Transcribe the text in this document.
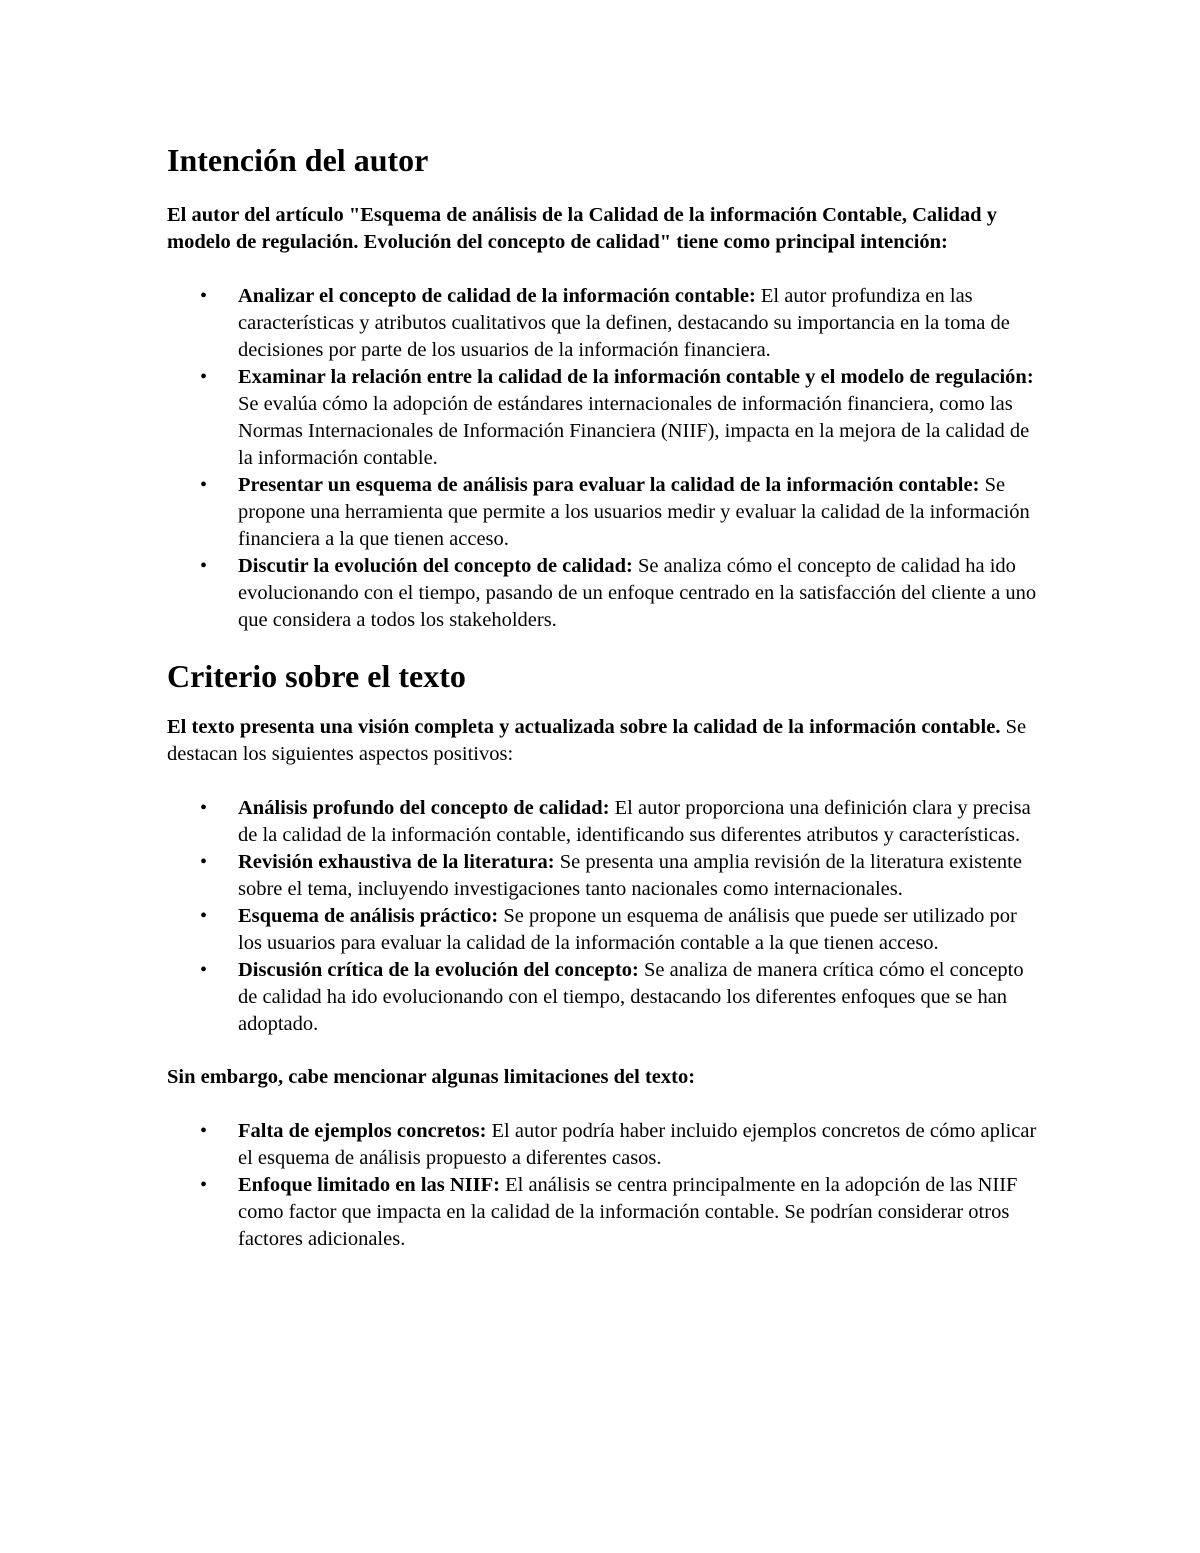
Intención del autor

El autor del artículo "Esquema de análisis de la Calidad de la información Contable, Calidad y modelo de regulación. Evolución del concepto de calidad" tiene como principal intención:

• Analizar el concepto de calidad de la información contable: El autor profundiza en las características y atributos cualitativos que la definen, destacando su importancia en la toma de decisiones por parte de los usuarios de la información financiera.
• Examinar la relación entre la calidad de la información contable y el modelo de regulación: Se evalúa cómo la adopción de estándares internacionales de información financiera, como las Normas Internacionales de Información Financiera (NIIF), impacta en la mejora de la calidad de la información contable.
• Presentar un esquema de análisis para evaluar la calidad de la información contable: Se propone una herramienta que permite a los usuarios medir y evaluar la calidad de la información financiera a la que tienen acceso.
• Discutir la evolución del concepto de calidad: Se analiza cómo el concepto de calidad ha ido evolucionando con el tiempo, pasando de un enfoque centrado en la satisfacción del cliente a uno que considera a todos los stakeholders.
Criterio sobre el texto

El texto presenta una visión completa y actualizada sobre la calidad de la información contable. Se destacan los siguientes aspectos positivos:

• Análisis profundo del concepto de calidad: El autor proporciona una definición clara y precisa de la calidad de la información contable, identificando sus diferentes atributos y características.
• Revisión exhaustiva de la literatura: Se presenta una amplia revisión de la literatura existente sobre el tema, incluyendo investigaciones tanto nacionales como internacionales.
• Esquema de análisis práctico: Se propone un esquema de análisis que puede ser utilizado por los usuarios para evaluar la calidad de la información contable a la que tienen acceso.
• Discusión crítica de la evolución del concepto: Se analiza de manera crítica cómo el concepto de calidad ha ido evolucionando con el tiempo, destacando los diferentes enfoques que se han adoptado.

Sin embargo, cabe mencionar algunas limitaciones del texto:

• Falta de ejemplos concretos: El autor podría haber incluido ejemplos concretos de cómo aplicar el esquema de análisis propuesto a diferentes casos.
• Enfoque limitado en las NIIF: El análisis se centra principalmente en la adopción de las NIIF como factor que impacta en la calidad de la información contable. Se podrían considerar otros factores adicionales.
